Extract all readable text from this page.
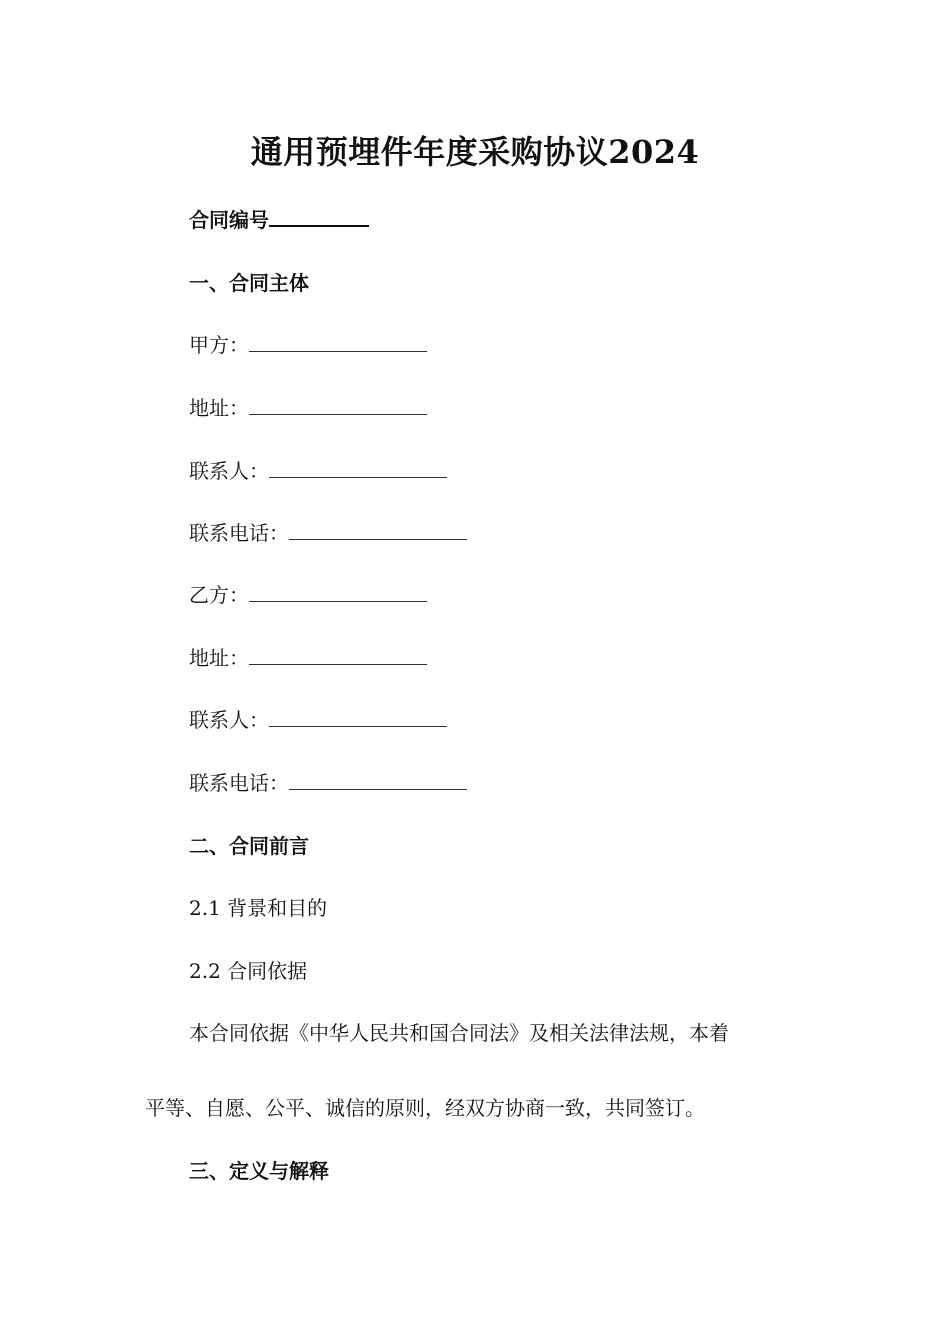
通用预埋件年度采购协议2024
合同编号
一、合同主体
甲方：
地址：
联系人：
联系电话：
乙方：
地址：
联系人：
联系电话：
二、合同前言
2.1 背景和目的
2.2 合同依据
本合同依据《中华人民共和国合同法》及相关法律法规，本着
平等、自愿、公平、诚信的原则，经双方协商一致，共同签订。
三、定义与解释
